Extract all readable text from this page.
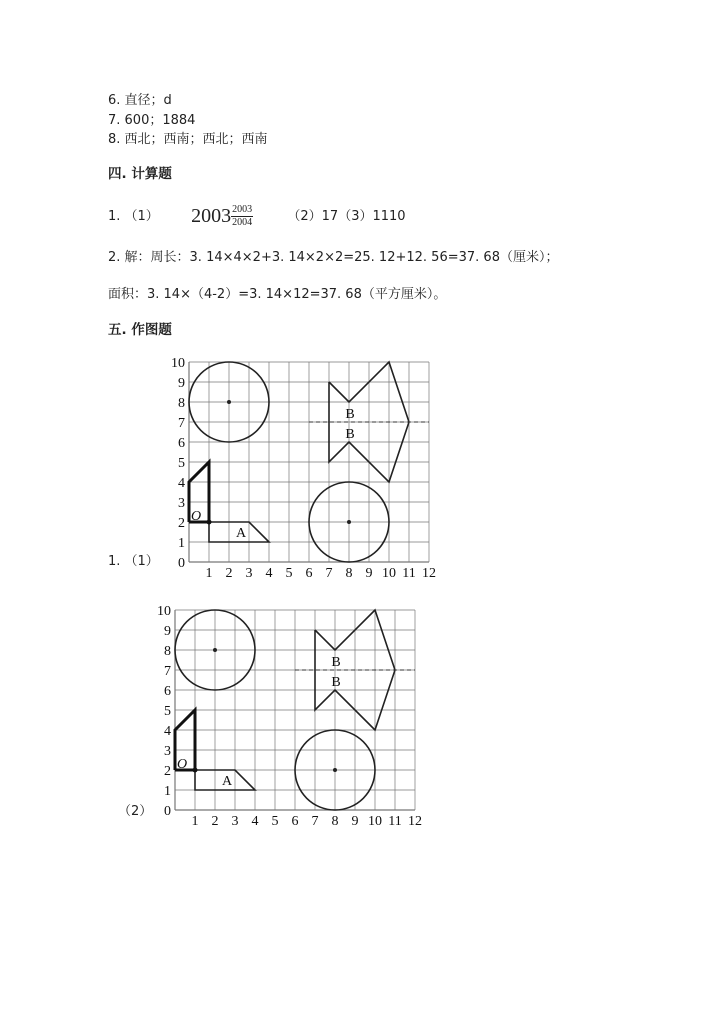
6. 直径；d
7. 600；1884
8. 西北；西南；西北；西南
四. 计算题
1. （1） $2003 \frac{2003}{2004}$	（2）17（3）1110
2. 解：周长：3. 14×4×2+3. 14×2×2=25. 12+12. 56=37. 68（厘米）；
面积：3. 14×（4-2）=3. 14×12=37. 68（平方厘米）。
五. 作图题
1. （1）
（2）
1 2 3 4 5 6 7 8 9 10 11 12
0
1
2
3
4
5
6
7
8
9
10
B
B
A
O
1 2 3 4 5 6 7 8 9 10 11 12
0
1
2
3
4
5
6
7
8
9
10
B
B
A
O
